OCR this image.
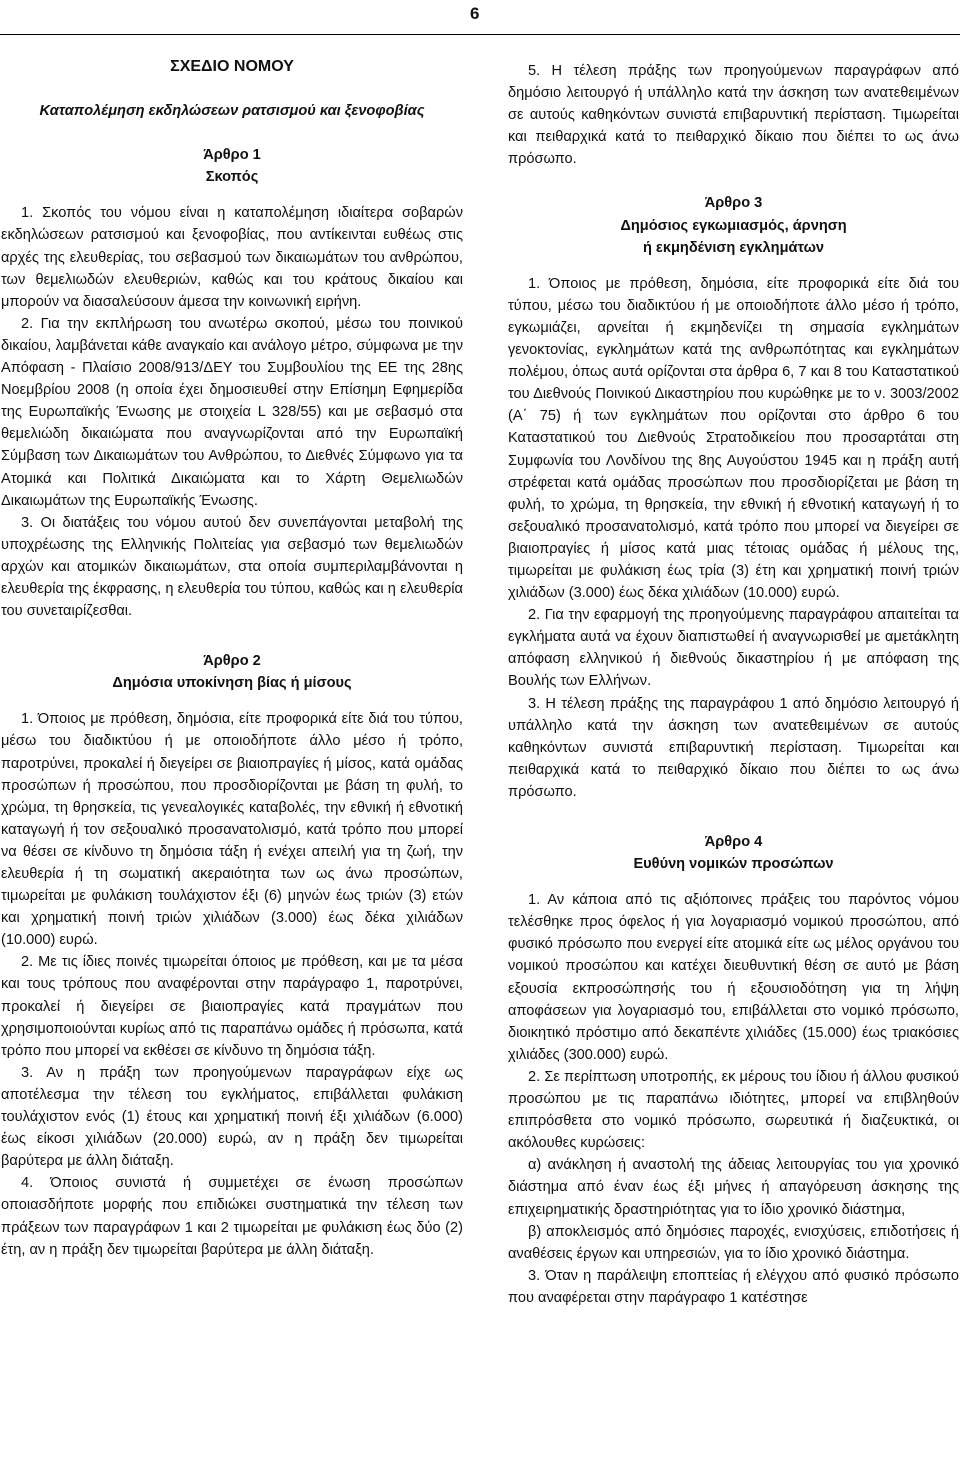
6
ΣΧΕΔΙΟ ΝΟΜΟΥ
Καταπολέμηση εκδηλώσεων ρατσισμού και ξενοφοβίας
Άρθρο 1
Σκοπός

1. Σκοπός του νόμου είναι η καταπολέμηση ιδιαίτερα σοβαρών εκδηλώσεων ρατσισμού και ξενοφοβίας, που αντίκεινται ευθέως στις αρχές της ελευθερίας, του σεβασμού των δικαιωμάτων του ανθρώπου, των θεμελιωδών ελευθεριών, καθώς και του κράτους δικαίου και μπορούν να διασαλεύσουν άμεσα την κοινωνική ειρήνη.

2. Για την εκπλήρωση του ανωτέρω σκοπού, μέσω του ποινικού δικαίου, λαμβάνεται κάθε αναγκαίο και ανάλογο μέτρο, σύμφωνα με την Απόφαση - Πλαίσιο 2008/913/ΔΕΥ του Συμβουλίου της ΕΕ της 28ης Νοεμβρίου 2008 (η οποία έχει δημοσιευθεί στην Επίσημη Εφημερίδα της Ευρωπαϊκής Ένωσης με στοιχεία L 328/55) και με σεβασμό στα θεμελιώδη δικαιώματα που αναγνωρίζονται από την Ευρωπαϊκή Σύμβαση των Δικαιωμάτων του Ανθρώπου, το Διεθνές Σύμφωνο για τα Ατομικά και Πολιτικά Δικαιώματα και το Χάρτη Θεμελιωδών Δικαιωμάτων της Ευρωπαϊκής Ένωσης.

3. Οι διατάξεις του νόμου αυτού δεν συνεπάγονται μεταβολή της υποχρέωσης της Ελληνικής Πολιτείας για σεβασμό των θεμελιωδών αρχών και ατομικών δικαιωμάτων, στα οποία συμπεριλαμβάνονται η ελευθερία της έκφρασης, η ελευθερία του τύπου, καθώς και η ελευθερία του συνεταιρίζεσθαι.

Άρθρο 2
Δημόσια υποκίνηση βίας ή μίσους

1. Όποιος με πρόθεση, δημόσια, είτε προφορικά είτε διά του τύπου, μέσω του διαδικτύου ή με οποιοδήποτε άλλο μέσο ή τρόπο, παροτρύνει, προκαλεί ή διεγείρει σε βιαιοπραγίες ή μίσος, κατά ομάδας προσώπων ή προσώπου, που προσδιορίζονται με βάση τη φυλή, το χρώμα, τη θρησκεία, τις γενεαλογικές καταβολές, την εθνική ή εθνοτική καταγωγή ή τον σεξουαλικό προσανατολισμό, κατά τρόπο που μπορεί να θέσει σε κίνδυνο τη δημόσια τάξη ή ενέχει απειλή για τη ζωή, την ελευθερία ή τη σωματική ακεραιότητα των ως άνω προσώπων, τιμωρείται με φυλάκιση τουλάχιστον έξι (6) μηνών έως τριών (3) ετών και χρηματική ποινή τριών χιλιάδων (3.000) έως δέκα χιλιάδων (10.000) ευρώ.

2. Με τις ίδιες ποινές τιμωρείται όποιος με πρόθεση, και με τα μέσα και τους τρόπους που αναφέρονται στην παράγραφο 1, παροτρύνει, προκαλεί ή διεγείρει σε βιαιοπραγίες κατά πραγμάτων που χρησιμοποιούνται κυρίως από τις παραπάνω ομάδες ή πρόσωπα, κατά τρόπο που μπορεί να εκθέσει σε κίνδυνο τη δημόσια τάξη.

3. Αν η πράξη των προηγούμενων παραγράφων είχε ως αποτέλεσμα την τέλεση του εγκλήματος, επιβάλλεται φυλάκιση τουλάχιστον ενός (1) έτους και χρηματική ποινή έξι χιλιάδων (6.000) έως είκοσι χιλιάδων (20.000) ευρώ, αν η πράξη δεν τιμωρείται βαρύτερα με άλλη διάταξη.

4. Όποιος συνιστά ή συμμετέχει σε ένωση προσώπων οποιασδήποτε μορφής που επιδιώκει συστηματικά την τέλεση των πράξεων των παραγράφων 1 και 2 τιμωρείται με φυλάκιση έως δύο (2) έτη, αν η πράξη δεν τιμωρείται βαρύτερα με άλλη διάταξη.

5. Η τέλεση πράξης των προηγούμενων παραγράφων από δημόσιο λειτουργό ή υπάλληλο κατά την άσκηση των ανατεθειμένων σε αυτούς καθηκόντων συνιστά επιβαρυντική περίσταση. Τιμωρείται και πειθαρχικά κατά το πειθαρχικό δίκαιο που διέπει το ως άνω πρόσωπο.

Άρθρο 3
Δημόσιος εγκωμιασμός, άρνηση
ή εκμηδένιση εγκλημάτων

1. Όποιος με πρόθεση, δημόσια, είτε προφορικά είτε διά του τύπου, μέσω του διαδικτύου ή με οποιοδήποτε άλλο μέσο ή τρόπο, εγκωμιάζει, αρνείται ή εκμηδενίζει τη σημασία εγκλημάτων γενοκτονίας, εγκλημάτων κατά της ανθρωπότητας και εγκλημάτων πολέμου, όπως αυτά ορίζονται στα άρθρα 6, 7 και 8 του Καταστατικού του Διεθνούς Ποινικού Δικαστηρίου που κυρώθηκε με το ν. 3003/2002 (Α΄ 75) ή των εγκλημάτων που ορίζονται στο άρθρο 6 του Καταστατικού του Διεθνούς Στρατοδικείου που προσαρτάται στη Συμφωνία του Λονδίνου της 8ης Αυγούστου 1945 και η πράξη αυτή στρέφεται κατά ομάδας προσώπων που προσδιορίζεται με βάση τη φυλή, το χρώμα, τη θρησκεία, την εθνική ή εθνοτική καταγωγή ή το σεξουαλικό προσανατολισμό, κατά τρόπο που μπορεί να διεγείρει σε βιαιοπραγίες ή μίσος κατά μιας τέτοιας ομάδας ή μέλους της, τιμωρείται με φυλάκιση έως τρία (3) έτη και χρηματική ποινή τριών χιλιάδων (3.000) έως δέκα χιλιάδων (10.000) ευρώ.

2. Για την εφαρμογή της προηγούμενης παραγράφου απαιτείται τα εγκλήματα αυτά να έχουν διαπιστωθεί ή αναγνωρισθεί με αμετάκλητη απόφαση ελληνικού ή διεθνούς δικαστηρίου ή με απόφαση της Βουλής των Ελλήνων.

3. Η τέλεση πράξης της παραγράφου 1 από δημόσιο λειτουργό ή υπάλληλο κατά την άσκηση των ανατεθειμένων σε αυτούς καθηκόντων συνιστά επιβαρυντική περίσταση. Τιμωρείται και πειθαρχικά κατά το πειθαρχικό δίκαιο που διέπει το ως άνω πρόσωπο.

Άρθρο 4
Ευθύνη νομικών προσώπων

1. Αν κάποια από τις αξιόποινες πράξεις του παρόντος νόμου τελέσθηκε προς όφελος ή για λογαριασμό νομικού προσώπου, από φυσικό πρόσωπο που ενεργεί είτε ατομικά είτε ως μέλος οργάνου του νομικού προσώπου και κατέχει διευθυντική θέση σε αυτό με βάση εξουσία εκπροσώπησής του ή εξουσιοδότηση για τη λήψη αποφάσεων για λογαριασμό του, επιβάλλεται στο νομικό πρόσωπο, διοικητικό πρόστιμο από δεκαπέντε χιλιάδες (15.000) έως τριακόσιες χιλιάδες (300.000) ευρώ.

2. Σε περίπτωση υποτροπής, εκ μέρους του ίδιου ή άλλου φυσικού προσώπου με τις παραπάνω ιδιότητες, μπορεί να επιβληθούν επιπρόσθετα στο νομικό πρόσωπο, σωρευτικά ή διαζευκτικά, οι ακόλουθες κυρώσεις:

α) ανάκληση ή αναστολή της άδειας λειτουργίας του για χρονικό διάστημα από έναν έως έξι μήνες ή απαγόρευση άσκησης της επιχειρηματικής δραστηριότητας για το ίδιο χρονικό διάστημα,

β) αποκλεισμός από δημόσιες παροχές, ενισχύσεις, επιδοτήσεις ή αναθέσεις έργων και υπηρεσιών, για το ίδιο χρονικό διάστημα.

3. Όταν η παράλειψη εποπτείας ή ελέγχου από φυσικό πρόσωπο που αναφέρεται στην παράγραφο 1 κατέστησε
